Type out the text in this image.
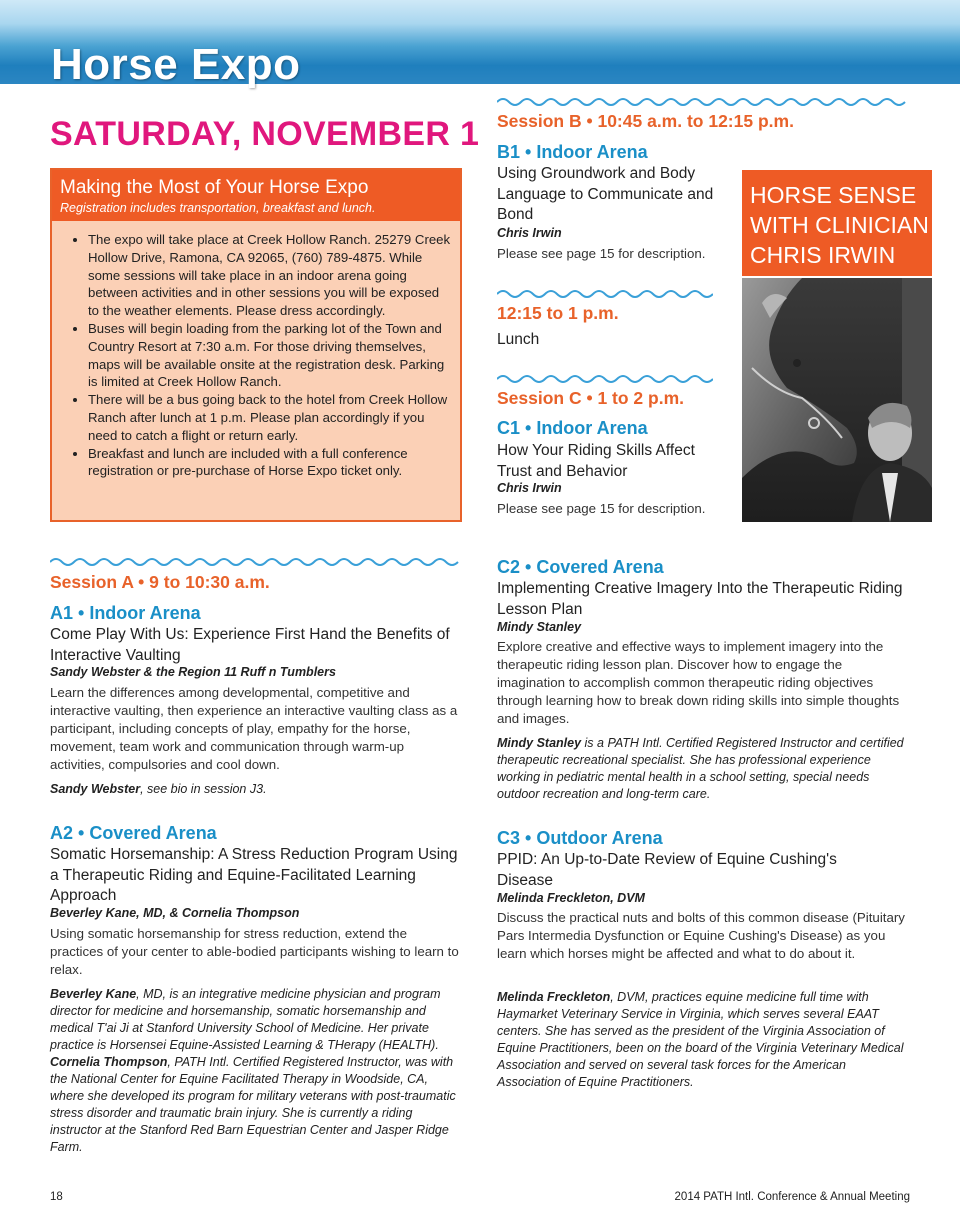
Horse Expo
SATURDAY, NOVEMBER 1
Making the Most of Your Horse Expo
Registration includes transportation, breakfast and lunch.
• The expo will take place at Creek Hollow Ranch. 25279 Creek Hollow Drive, Ramona, CA 92065, (760) 789-4875. While some sessions will take place in an indoor arena going between activities and in other sessions you will be exposed to the weather elements. Please dress accordingly.
• Buses will begin loading from the parking lot of the Town and Country Resort at 7:30 a.m. For those driving themselves, maps will be available onsite at the registration desk. Parking is limited at Creek Hollow Ranch.
• There will be a bus going back to the hotel from Creek Hollow Ranch after lunch at 1 p.m. Please plan accordingly if you need to catch a flight or return early.
• Breakfast and lunch are included with a full conference registration or pre-purchase of Horse Expo ticket only.
Session A • 9 to 10:30 a.m.
A1 • Indoor Arena
Come Play With Us: Experience First Hand the Benefits of Interactive Vaulting
Sandy Webster & the Region 11 Ruff n Tumblers
Learn the differences among developmental, competitive and interactive vaulting, then experience an interactive vaulting class as a participant, including concepts of play, empathy for the horse, movement, team work and communication through warm-up activities, compulsories and cool down.
Sandy Webster, see bio in session J3.
A2 • Covered Arena
Somatic Horsemanship: A Stress Reduction Program Using a Therapeutic Riding and Equine-Facilitated Learning Approach
Beverley Kane, MD, & Cornelia Thompson
Using somatic horsemanship for stress reduction, extend the practices of your center to able-bodied participants wishing to learn to relax.
Beverley Kane, MD, is an integrative medicine physician and program director for medicine and horsemanship, somatic horsemanship and medical T'ai Ji at Stanford University School of Medicine. Her private practice is Horsensei Equine-Assisted Learning & THerapy (HEALTH).
Cornelia Thompson, PATH Intl. Certified Registered Instructor, was with the National Center for Equine Facilitated Therapy in Woodside, CA, where she developed its program for military veterans with post-traumatic stress disorder and traumatic brain injury. She is currently a riding instructor at the Stanford Red Barn Equestrian Center and Jasper Ridge Farm.
Session B • 10:45 a.m. to 12:15 p.m.
B1 • Indoor Arena
Using Groundwork and Body Language to Communicate and Bond
Chris Irwin
Please see page 15 for description.
12:15 to 1 p.m.
Lunch
Session C • 1 to 2 p.m.
C1 • Indoor Arena
How Your Riding Skills Affect Trust and Behavior
Chris Irwin
Please see page 15 for description.
C2 • Covered Arena
Implementing Creative Imagery Into the Therapeutic Riding Lesson Plan
Mindy Stanley
Explore creative and effective ways to implement imagery into the therapeutic riding lesson plan. Discover how to engage the imagination to accomplish common therapeutic riding objectives through learning how to break down riding skills into simple thoughts and images.
Mindy Stanley is a PATH Intl. Certified Registered Instructor and certified therapeutic recreational specialist. She has professional experience working in pediatric mental health in a school setting, special needs outdoor recreation and long-term care.
C3 • Outdoor Arena
PPID: An Up-to-Date Review of Equine Cushing's Disease
Melinda Freckleton, DVM
Discuss the practical nuts and bolts of this common disease (Pituitary Pars Intermedia Dysfunction or Equine Cushing's Disease) as you learn which horses might be affected and what to do about it.
Melinda Freckleton, DVM, practices equine medicine full time with Haymarket Veterinary Service in Virginia, which serves several EAAT centers. She has served as the president of the Virginia Association of Equine Practitioners, been on the board of the Virginia Veterinary Medical Association and served on several task forces for the American Association of Equine Practitioners.
HORSE SENSE WITH CLINICIAN CHRIS IRWIN
18	2014 PATH Intl. Conference & Annual Meeting
